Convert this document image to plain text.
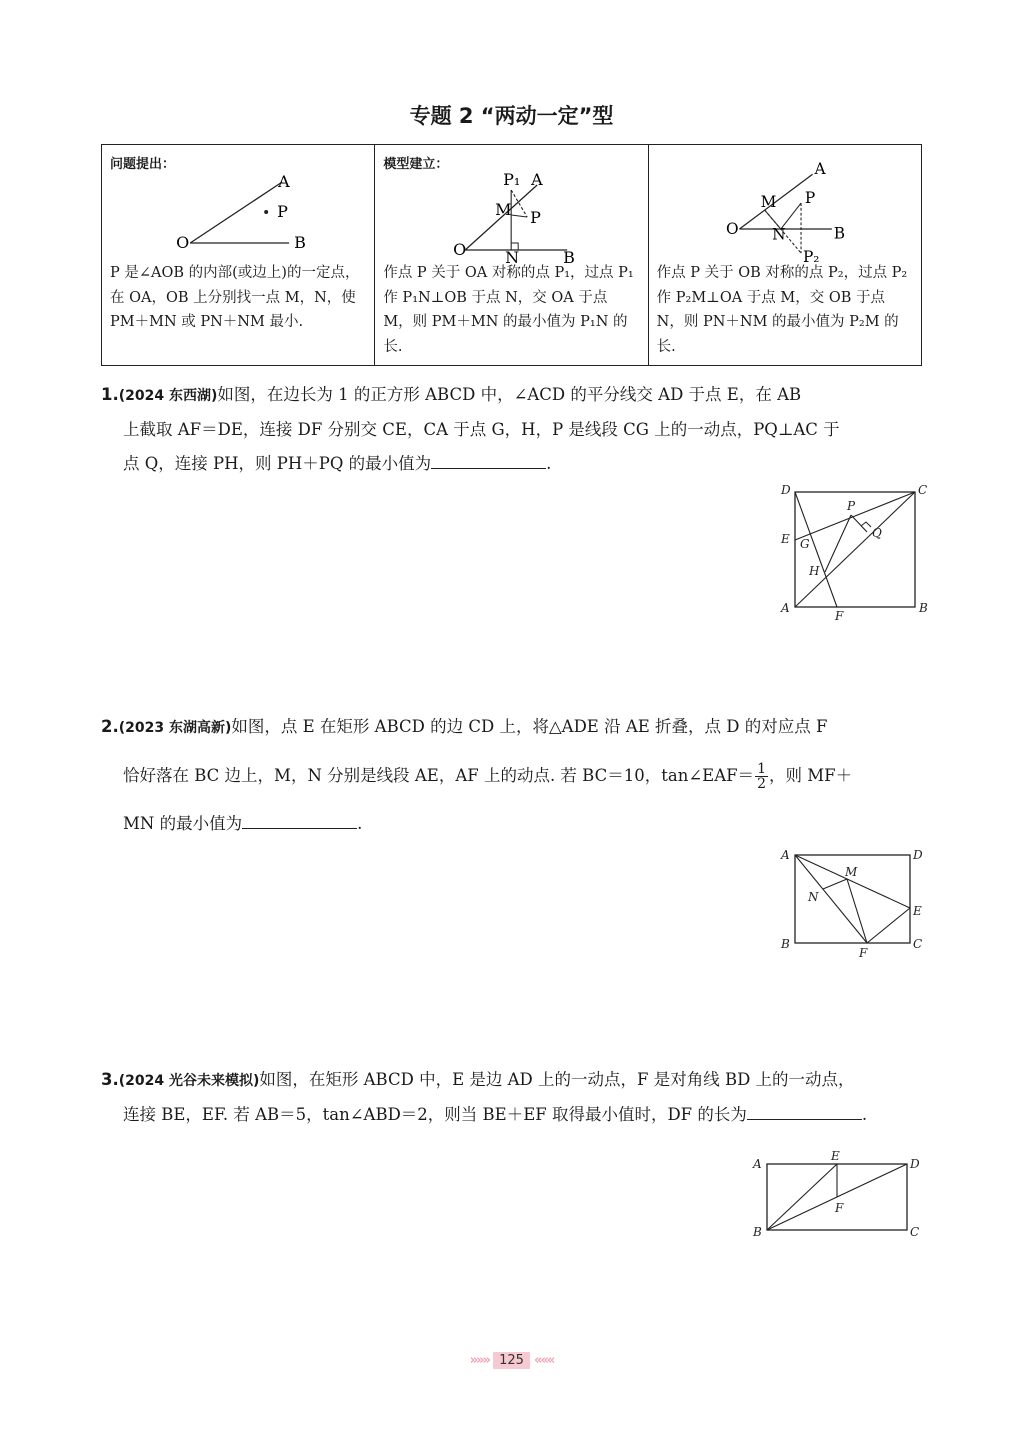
专题 2 “两动一定”型
问题提出：
A
P
O	B
P 是∠AOB 的内部(或边上)的一定点，在 OA，OB 上分别找一点 M，N，使 PM＋MN 或 PN＋NM 最小.
模型建立：
P₁ A
M P
O N	B
作点 P 关于 OA 对称的点 P₁，过点 P₁ 作 P₁N⊥OB 于点 N，交 OA 于点 M，则 PM＋MN 的最小值为 P₁N 的长.
A
M P
O N	B
P₂
作点 P 关于 OB 对称的点 P₂，过点 P₂ 作 P₂M⊥OA 于点 M，交 OB 于点 N，则 PN＋NM 的最小值为 P₂M 的长.
1.(2024 东西湖)如图，在边长为 1 的正方形 ABCD 中，∠ACD 的平分线交 AD 于点 E，在 AB
上截取 AF＝DE，连接 DF 分别交 CE，CA 于点 G，H，P 是线段 CG 上的一动点，PQ⊥AC 于
点 Q，连接 PH，则 PH＋PQ 的最小值为	.
D	C
P
Q
E G
H
A
F
B
2.(2023 东湖高新)如图，点 E 在矩形 ABCD 的边 CD 上，将△ADE 沿 AE 折叠，点 D 的对应点 F
恰好落在 BC 边上，M，N 分别是线段 AE，AF 上的动点. 若 BC＝10，tan∠EAF＝ $\frac{1}{2}$ ，则 MF＋
MN 的最小值为	.
A	D
M
N
E
B
F
C
3.(2024 光谷未来模拟)如图，在矩形 ABCD 中，E 是边 AD 上的一动点，F 是对角线 BD 上的一动点，
连接 BE，EF. 若 AB＝5，tan∠ABD＝2，则当 BE＋EF 取得最小值时，DF 的长为	.
A
E
D
F
B	C
»»» 125 «««
